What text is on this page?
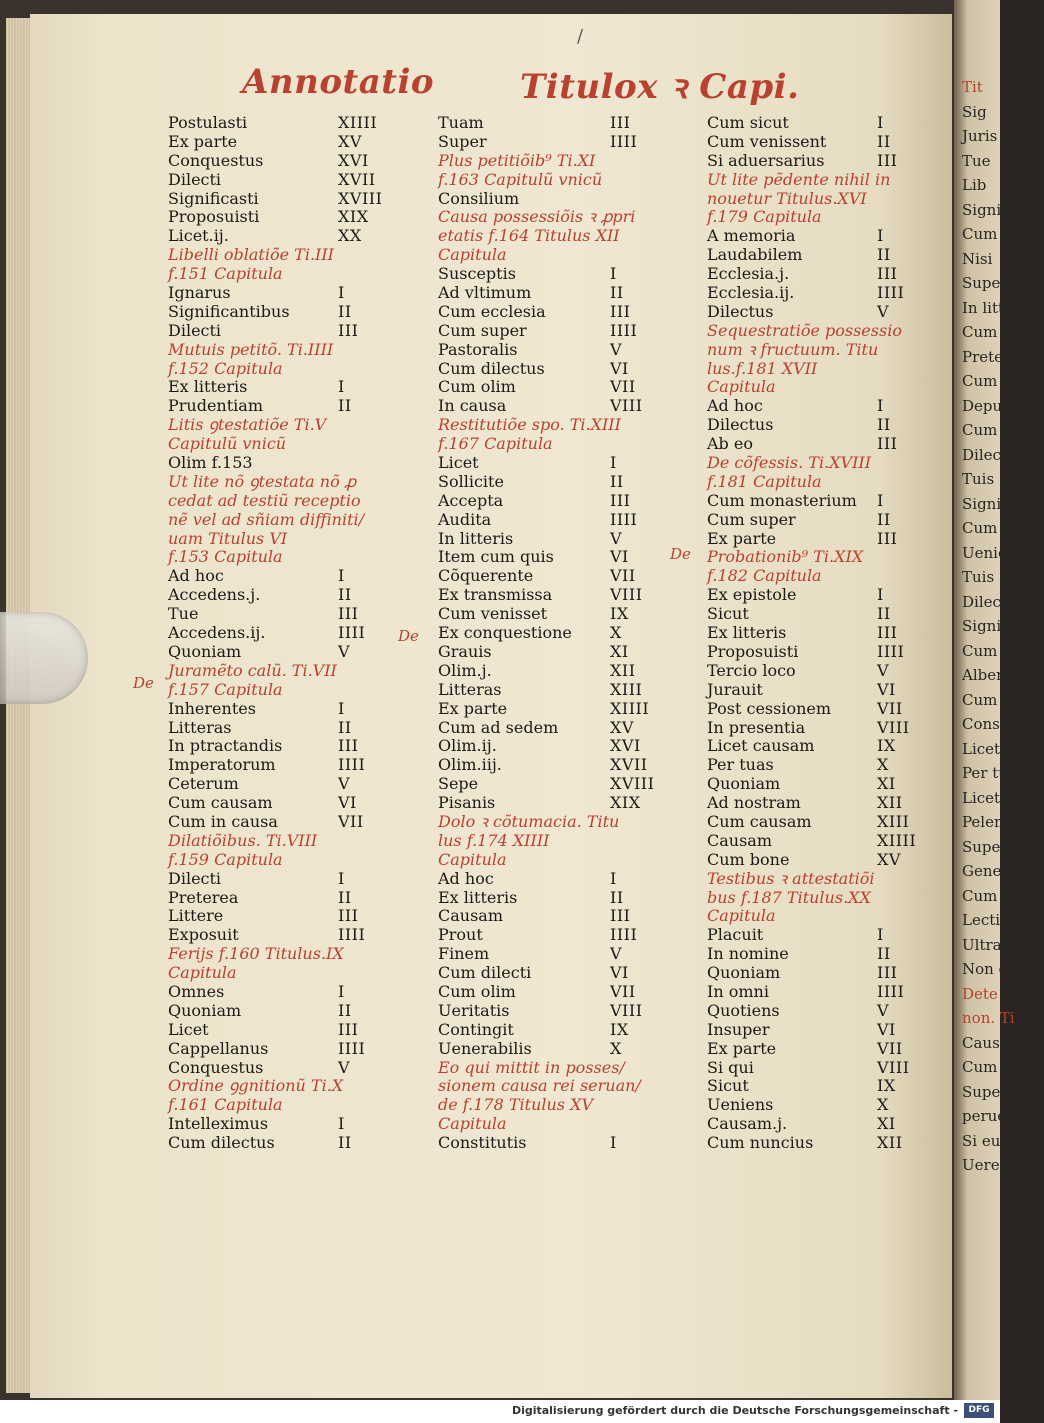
Tit
Sig
Juris
Tue
Lib
Significa
Cum an
Nisi
Super
In litter
Cum ven
Preteres
Cum a nob
Deputatie
Cum olim
Dilectus
Tuis
Signific
Cum
Uenien
Tuis
Dilecto
Signifi
Cum ce
Alberi
Cum in
Constit
Licet
Per tua
Licet.ij
Pelen
Super
General
Cum ri
Lectime
Ultra
Non de
Dete
non. Ti
Causam
Cum sup
Super eo
peruenit
Si eum
Uerens
Annotatio	Titulox ꝛ Capi.
/
Postulasti	XIIII
Ex parte	XV
Conquestus	XVI
Dilecti	XVII
Significasti	XVIII
Proposuisti	XIX
Licet.ij.	XX
Libelli oblatiõe Ti.III
f.151 Capitula
Ignarus	I
Significantibus	II
Dilecti	III
Mutuis petitõ. Ti.IIII
f.152 Capitula
Ex litteris	I
Prudentiam	II
Litis ꝯtestatiõe Ti.V
Capitulũ vnicũ
Olim f.153
Ut lite nõ ꝯtestata nõ ꝓ
cedat ad testiũ receptio
nẽ vel ad sñiam diffiniti/
uam Titulus VI
f.153 Capitula
Ad hoc	I
Accedens.j.	II
Tue	III
Accedens.ij.	IIII
Quoniam	V
Juramẽto calũ. Ti.VII
f.157 Capitula
Inherentes	I
Litteras	II
In ptractandis	III
Imperatorum	IIII
Ceterum	V
Cum causam	VI
Cum in causa	VII
Dilatiõibus. Ti.VIII
f.159 Capitula
Dilecti	I
Preterea	II
Littere	III
Exposuit	IIII
Ferijs f.160 Titulus.IX
Capitula
Omnes	I
Quoniam	II
Licet	III
Cappellanus	IIII
Conquestus	V
Ordine ꝯgnitionũ Ti.X
f.161 Capitula
Intelleximus	I
Cum dilectus	II
Tuam	III
Super	IIII
Plus petitiõib⁹ Ti.XI
f.163 Capitulũ vnicũ
Consilium
Causa possessiõis ꝛ ꝓpri
etatis f.164 Titulus XII
Capitula
Susceptis	I
Ad vltimum	II
Cum ecclesia	III
Cum super	IIII
Pastoralis	V
Cum dilectus	VI
Cum olim	VII
In causa	VIII
Restitutiõe spo. Ti.XIII
f.167 Capitula
Licet	I
Sollicite	II
Accepta	III
Audita	IIII
In litteris	V
Item cum quis	VI
Cõquerente	VII
Ex transmissa	VIII
Cum venisset	IX
Ex conquestione X
Grauis	XI
Olim.j.	XII
Litteras	XIII
Ex parte	XIIII
Cum ad sedem	XV
Olim.ij.	XVI
Olim.iij.	XVII
Sepe	XVIII
Pisanis	XIX
Dolo ꝛ cõtumacia. Titu
lus f.174 XIIII
Capitula
Ad hoc	I
Ex litteris	II
Causam	III
Prout	IIII
Finem	V
Cum dilecti	VI
Cum olim	VII
Ueritatis	VIII
Contingit	IX
Uenerabilis	X
Eo qui mittit in posses/
sionem causa rei seruan/
de f.178 Titulus XV
Capitula
Constitutis	I
Cum sicut	I
Cum venissent	II
Si aduersarius	III
Ut lite pẽdente nihil in
nouetur Titulus.XVI
f.179 Capitula
A memoria	I
Laudabilem	II
Ecclesia.j.	III
Ecclesia.ij.	IIII
Dilectus	V
Sequestratiõe possessio
num ꝛ fructuum. Titu
lus.f.181 XVII
Capitula
Ad hoc	I
Dilectus	II
Ab eo	III
De cõfessis. Ti.XVIII
f.181 Capitula
Cum monasterium I
Cum super	II
Ex parte	III
Probationib⁹ Ti.XIX
f.182 Capitula
Ex epistole	I
Sicut	II
Ex litteris	III
Proposuisti	IIII
Tercio loco	V
Jurauit	VI
Post cessionem	VII
In presentia	VIII
Licet causam	IX
Per tuas	X
Quoniam	XI
Ad nostram	XII
Cum causam	XIII
Causam	XIIII
Cum bone	XV
Testibus ꝛ attestatiõi
bus f.187 Titulus.XX
Capitula
Placuit	I
In nomine	II
Quoniam	III
In omni	IIII
Quotiens	V
Insuper	VI
Ex parte	VII
Si qui	VIII
Sicut	IX
Ueniens	X
Causam.j.	XI
Cum nuncius	XII
De
De
De
Digitalisierung gefördert durch die Deutsche Forschungsgemeinschaft -	DFG
